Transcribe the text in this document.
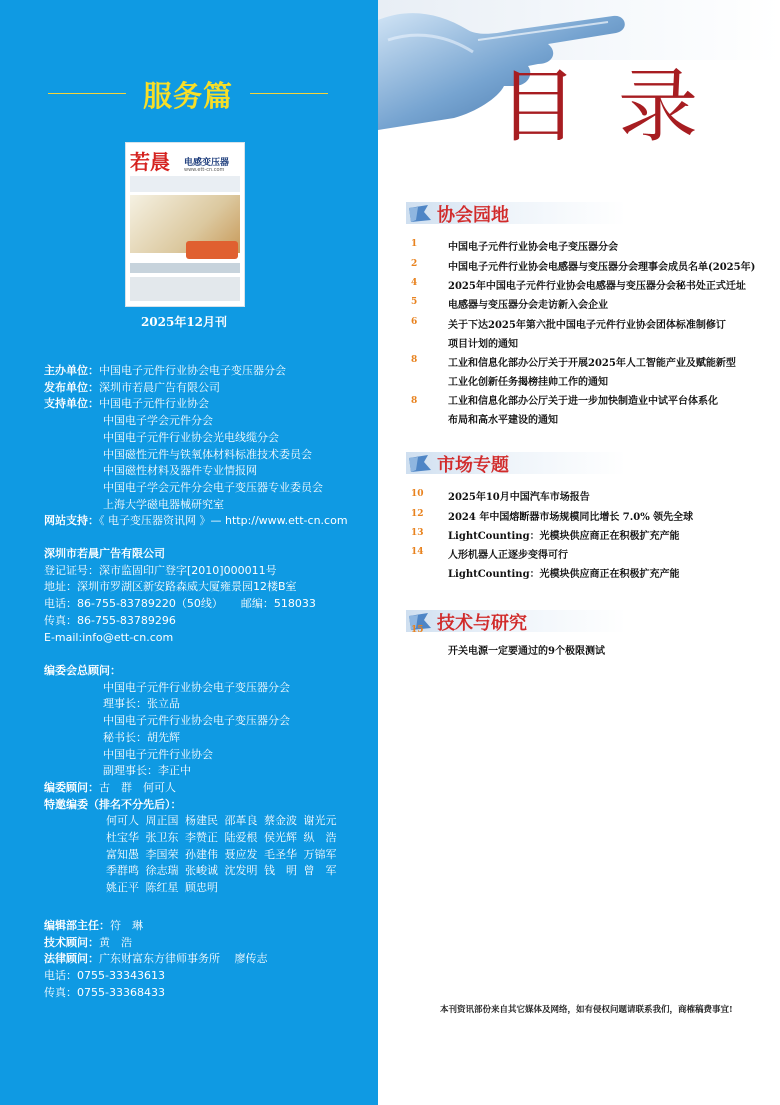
服务篇
若晨 电感变压器
www.ett-cn.com
2025年12月刊
主办单位：中国电子元件行业协会电子变压器分会
发布单位：深圳市若晨广告有限公司
支持单位：中国电子元件行业协会
中国电子学会元件分会
中国电子元件行业协会光电线缆分会
中国磁性元件与铁氧体材料标准技术委员会
中国磁性材料及器件专业情报网
中国电子学会元件分会电子变压器专业委员会
上海大学磁电器械研究室
网站支持：《 电子变压器资讯网 》— http://www.ett-cn.com
深圳市若晨广告有限公司
登记证号：深市监固印广登字[2010]000011号
地址：深圳市罗湖区新安路森威大厦雍景园12楼B室
电话：86-755-83789220（50线） 邮编：518033
传真：86-755-83789296
E-mail:info@ett-cn.com
编委会总顾问：
中国电子元件行业协会电子变压器分会
理事长：张立品
中国电子元件行业协会电子变压器分会
秘书长：胡先辉
中国电子元件行业协会
副理事长：李正中
编委顾问：古　群　何可人
特邀编委（排名不分先后）：
何可人 周正国 杨建民 邵革良 蔡金波 谢光元
杜宝华 张卫东 李赞正 陆爱根 侯光辉 纵　浩
富知愚 李国荣 孙建伟 聂应发 毛圣华 万锦军
季群鸣 徐志瑞 张峻诚 沈发明 钱　明 曾　军
姚正平 陈红星 顾忠明
编辑部主任：符　琳
技术顾问：黄　浩
法律顾问：广东财富东方律师事务所　 廖传志
电话：0755-33343613
传真：0755-33368433
目录
协会园地
1	中国电子元件行业协会电子变压器分会
2	中国电子元件行业协会电感器与变压器分会理事会成员名单(2025年)
4	2025年中国电子元件行业协会电感器与变压器分会秘书处正式迁址
5	电感器与变压器分会走访新入会企业
6	关于下达2025年第六批中国电子元件行业协会团体标准制修订
项目计划的通知
8	工业和信息化部办公厅关于开展2025年人工智能产业及赋能新型
工业化创新任务揭榜挂帅工作的通知
8	工业和信息化部办公厅关于进一步加快制造业中试平台体系化
布局和高水平建设的通知
市场专题
10 2025年10月中国汽车市场报告
12 2024 年中国熔断器市场规模同比增长 7.0% 领先全球
13 LightCounting：光模块供应商正在积极扩充产能
14 人形机器人正逐步变得可行
LightCounting：光模块供应商正在积极扩充产能
技术与研究
15
开关电源一定要通过的9个极限测试
本刊资讯部份来自其它媒体及网络，如有侵权问题请联系我们，商榷稿费事宜!
